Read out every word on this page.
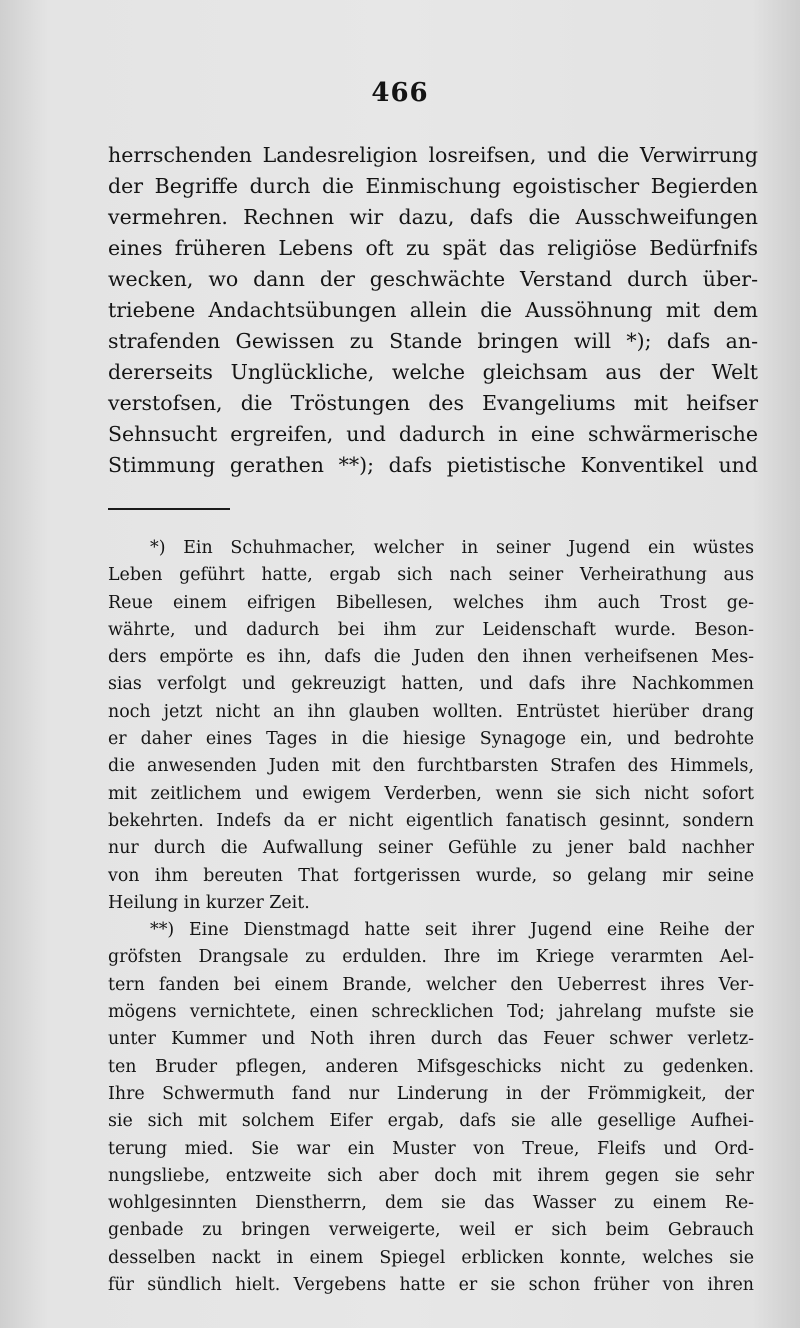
466
herrschenden Landesreligion losreifsen, und die Verwirrung
der Begriffe durch die Einmischung egoistischer Begierden
vermehren. Rechnen wir dazu, dafs die Ausschweifungen
eines früheren Lebens oft zu spät das religiöse Bedürfnifs
wecken, wo dann der geschwächte Verstand durch über-
triebene Andachtsübungen allein die Aussöhnung mit dem
strafenden Gewissen zu Stande bringen will *); dafs an-
dererseits Unglückliche, welche gleichsam aus der Welt
verstofsen, die Tröstungen des Evangeliums mit heifser
Sehnsucht ergreifen, und dadurch in eine schwärmerische
Stimmung gerathen **); dafs pietistische Konventikel und
*) Ein Schuhmacher, welcher in seiner Jugend ein wüstes
Leben geführt hatte, ergab sich nach seiner Verheirathung aus
Reue einem eifrigen Bibellesen, welches ihm auch Trost ge-
währte, und dadurch bei ihm zur Leidenschaft wurde. Beson-
ders empörte es ihn, dafs die Juden den ihnen verheifsenen Mes-
sias verfolgt und gekreuzigt hatten, und dafs ihre Nachkommen
noch jetzt nicht an ihn glauben wollten. Entrüstet hierüber drang
er daher eines Tages in die hiesige Synagoge ein, und bedrohte
die anwesenden Juden mit den furchtbarsten Strafen des Himmels,
mit zeitlichem und ewigem Verderben, wenn sie sich nicht sofort
bekehrten. Indefs da er nicht eigentlich fanatisch gesinnt, sondern
nur durch die Aufwallung seiner Gefühle zu jener bald nachher
von ihm bereuten That fortgerissen wurde, so gelang mir seine
Heilung in kurzer Zeit.
**) Eine Dienstmagd hatte seit ihrer Jugend eine Reihe der
gröfsten Drangsale zu erdulden. Ihre im Kriege verarmten Ael-
tern fanden bei einem Brande, welcher den Ueberrest ihres Ver-
mögens vernichtete, einen schrecklichen Tod; jahrelang mufste sie
unter Kummer und Noth ihren durch das Feuer schwer verletz-
ten Bruder pflegen, anderen Mifsgeschicks nicht zu gedenken.
Ihre Schwermuth fand nur Linderung in der Frömmigkeit, der
sie sich mit solchem Eifer ergab, dafs sie alle gesellige Aufhei-
terung mied. Sie war ein Muster von Treue, Fleifs und Ord-
nungsliebe, entzweite sich aber doch mit ihrem gegen sie sehr
wohlgesinnten Dienstherrn, dem sie das Wasser zu einem Re-
genbade zu bringen verweigerte, weil er sich beim Gebrauch
desselben nackt in einem Spiegel erblicken konnte, welches sie
für sündlich hielt. Vergebens hatte er sie schon früher von ihren
